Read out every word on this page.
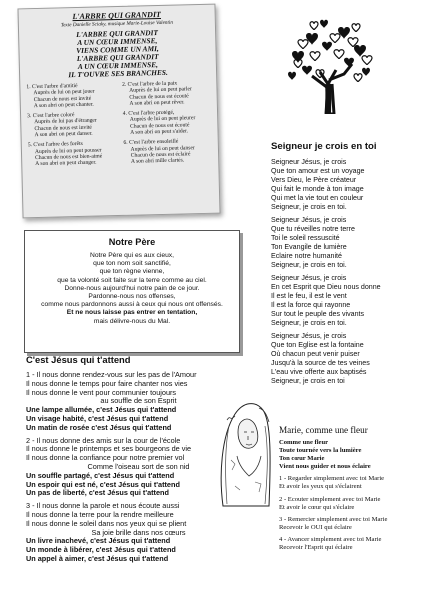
L'ARBRE QUI GRANDIT

Texte Danielle Sciaky, musique Marie-Louise Valentin

L'ARBRE QUI GRANDIT

A UN CŒUR IMMENSE,

VIENS COMME UN AMI,

L'ARBRE QUI GRANDIT

A UN CŒUR IMMENSE,

IL T'OUVRE SES BRANCHES.

1. C'est l'arbre d'amitié

Auprès de lui on peut jouer

Chacun de nous est invité

A son abri on peut chanter.

3. C'est l'arbre coloré

Auprès de lui pas d'étranger

Chacun de nous est invité

A son abri on peut danser.

5. C'est l'arbre des forêts

Auprès de lui on peut pousser

Chacun de nous est bien-aimé

A son abri on peut changer.

2. C'est l'arbre de la paix

Auprès de lui on peut parler

Chacun de nous est écouté

A son abri on peut rêver.

4. C'est l'arbre protégé,

Auprès de lui on peut pleurer

Chacun de nous est écouté

A son abri on peut s'aider.

6. C'est l'arbre ensoleillé

Auprès de lui on peut danser

Chacun de nous est éclairé

A son abri mille clartés.

Seigneur je crois en toi

Seigneur Jésus, je crois

Que ton amour est un voyage

Vers Dieu, le Père créateur

Qui fait le monde à ton image

Qui met la vie tout en couleur

Seigneur, je crois en toi.

Seigneur Jésus, je crois

Que tu réveilles notre terre

Toi le soleil ressuscité

Ton Evangile de lumière

Eclaire notre humanité

Seigneur, je crois en toi.

Seigneur Jésus, je crois

En cet Esprit que Dieu nous donne

Il est le feu, il est le vent

Il est la force qui rayonne

Sur tout le peuple des vivants

Seigneur, je crois en toi.

Seigneur Jésus, je crois

Que ton Eglise est la fontaine

Où chacun peut venir puiser

Jusqu'à la source de tes veines

L'eau vive offerte aux baptisés

Seigneur, je crois en toi

Notre Père

Notre Père qui es aux cieux,

que ton nom soit sanctifié,

que ton règne vienne,

que ta volonté soit faite sur la terre comme au ciel.

Donne-nous aujourd'hui notre pain de ce jour.

Pardonne-nous nos offenses,

comme nous pardonnons aussi à ceux qui nous ont offensés.

Et ne nous laisse pas entrer en tentation,

mais délivre-nous du Mal.

C'est Jésus qui t'attend

1 - Il nous donne rendez-vous sur les pas de l'Amour

Il nous donne le temps pour faire chanter nos vies

Il nous donne le vent pour communier toujours

au souffle de son Esprit

Une lampe allumée, c'est Jésus qui t'attend

Un visage habité, c'est Jésus qui t'attend

Un matin de rosée c'est Jésus qui t'attend

2 - Il nous donne des amis sur la cour de l'école

Il nous donne le printemps et ses bourgeons de vie

Il nous donne la confiance pour notre premier vol

Comme l'oiseau sort de son nid

Un souffle partagé, c'est Jésus qui t'attend

Un espoir qui est né, c'est Jésus qui t'attend

Un pas de liberté, c'est Jésus qui t'attend

3 - Il nous donne la parole et nous écoute aussi

Il nous donne la terre pour la rendre meilleure

Il nous donne le soleil dans nos yeux qui se plient

Sa joie brille dans nos cœurs

Un livre inachevé, c'est Jésus qui t'attend

Un monde à libérer, c'est Jésus qui t'attend

Un appel à aimer, c'est Jésus qui t'attend

Marie, comme une fleur

Comme une fleur

Toute tournée vers la lumière

Ton cœur Marie

Vient nous guider et nous éclaire

1 - Regarder simplement avec toi Marie

Et avoir les yeux qui s'éclairent

2 - Ecouter simplement avec toi Marie

Et avoir le cœur qui s'éclaire

3 - Remercier simplement avec toi Marie

Recevoir le OUI qui éclaire

4 - Avancer simplement avec toi Marie

Recevoir l'Esprit qui éclaire
